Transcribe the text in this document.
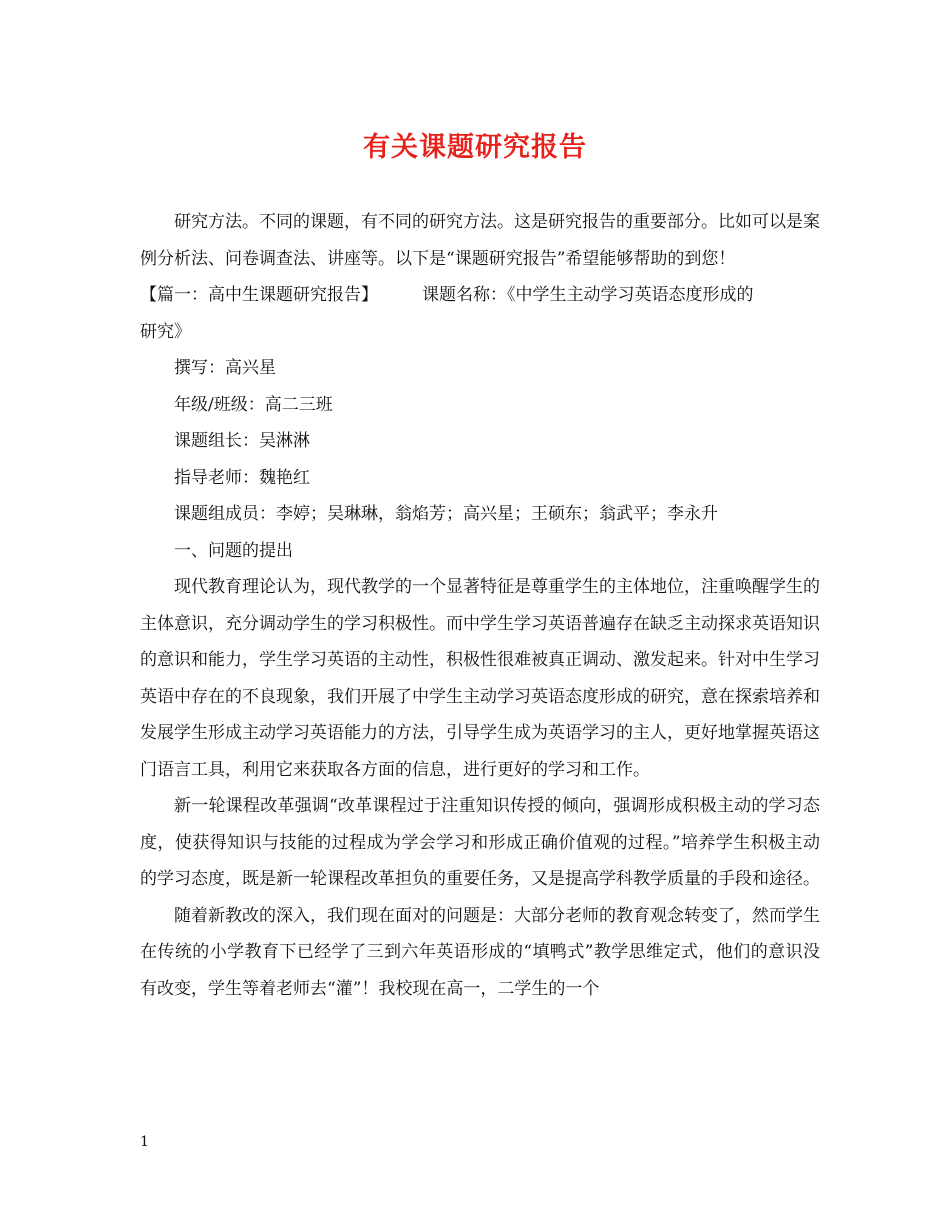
有关课题研究报告

研究方法。不同的课题，有不同的研究方法。这是研究报告的重要部分。比如可以是案例分析法、问卷调查法、讲座等。以下是“课题研究报告”希望能够帮助的到您！

【篇一：高中生课题研究报告】	课题名称：《中学生主动学习英语态度形成的

研究》

撰写：高兴星

年级/班级：高二三班

课题组长：吴淋淋

指导老师：魏艳红

课题组成员：李婷；吴琳琳，翁焰芳；高兴星；王硕东；翁武平；李永升

一、问题的提出

现代教育理论认为，现代教学的一个显著特征是尊重学生的主体地位，注重唤醒学生的主体意识，充分调动学生的学习积极性。而中学生学习英语普遍存在缺乏主动探求英语知识的意识和能力，学生学习英语的主动性，积极性很难被真正调动、激发起来。针对中生学习英语中存在的不良现象，我们开展了中学生主动学习英语态度形成的研究，意在探索培养和发展学生形成主动学习英语能力的方法，引导学生成为英语学习的主人，更好地掌握英语这门语言工具，利用它来获取各方面的信息，进行更好的学习和工作。

新一轮课程改革强调“改革课程过于注重知识传授的倾向，强调形成积极主动的学习态度，使获得知识与技能的过程成为学会学习和形成正确价值观的过程。”培养学生积极主动的学习态度，既是新一轮课程改革担负的重要任务，又是提高学科教学质量的手段和途径。

随着新教改的深入，我们现在面对的问题是：大部分老师的教育观念转变了，然而学生在传统的小学教育下已经学了三到六年英语形成的“填鸭式”教学思维定式，他们的意识没有改变，学生等着老师去“灌”！我校现在高一，二学生的一个

1
